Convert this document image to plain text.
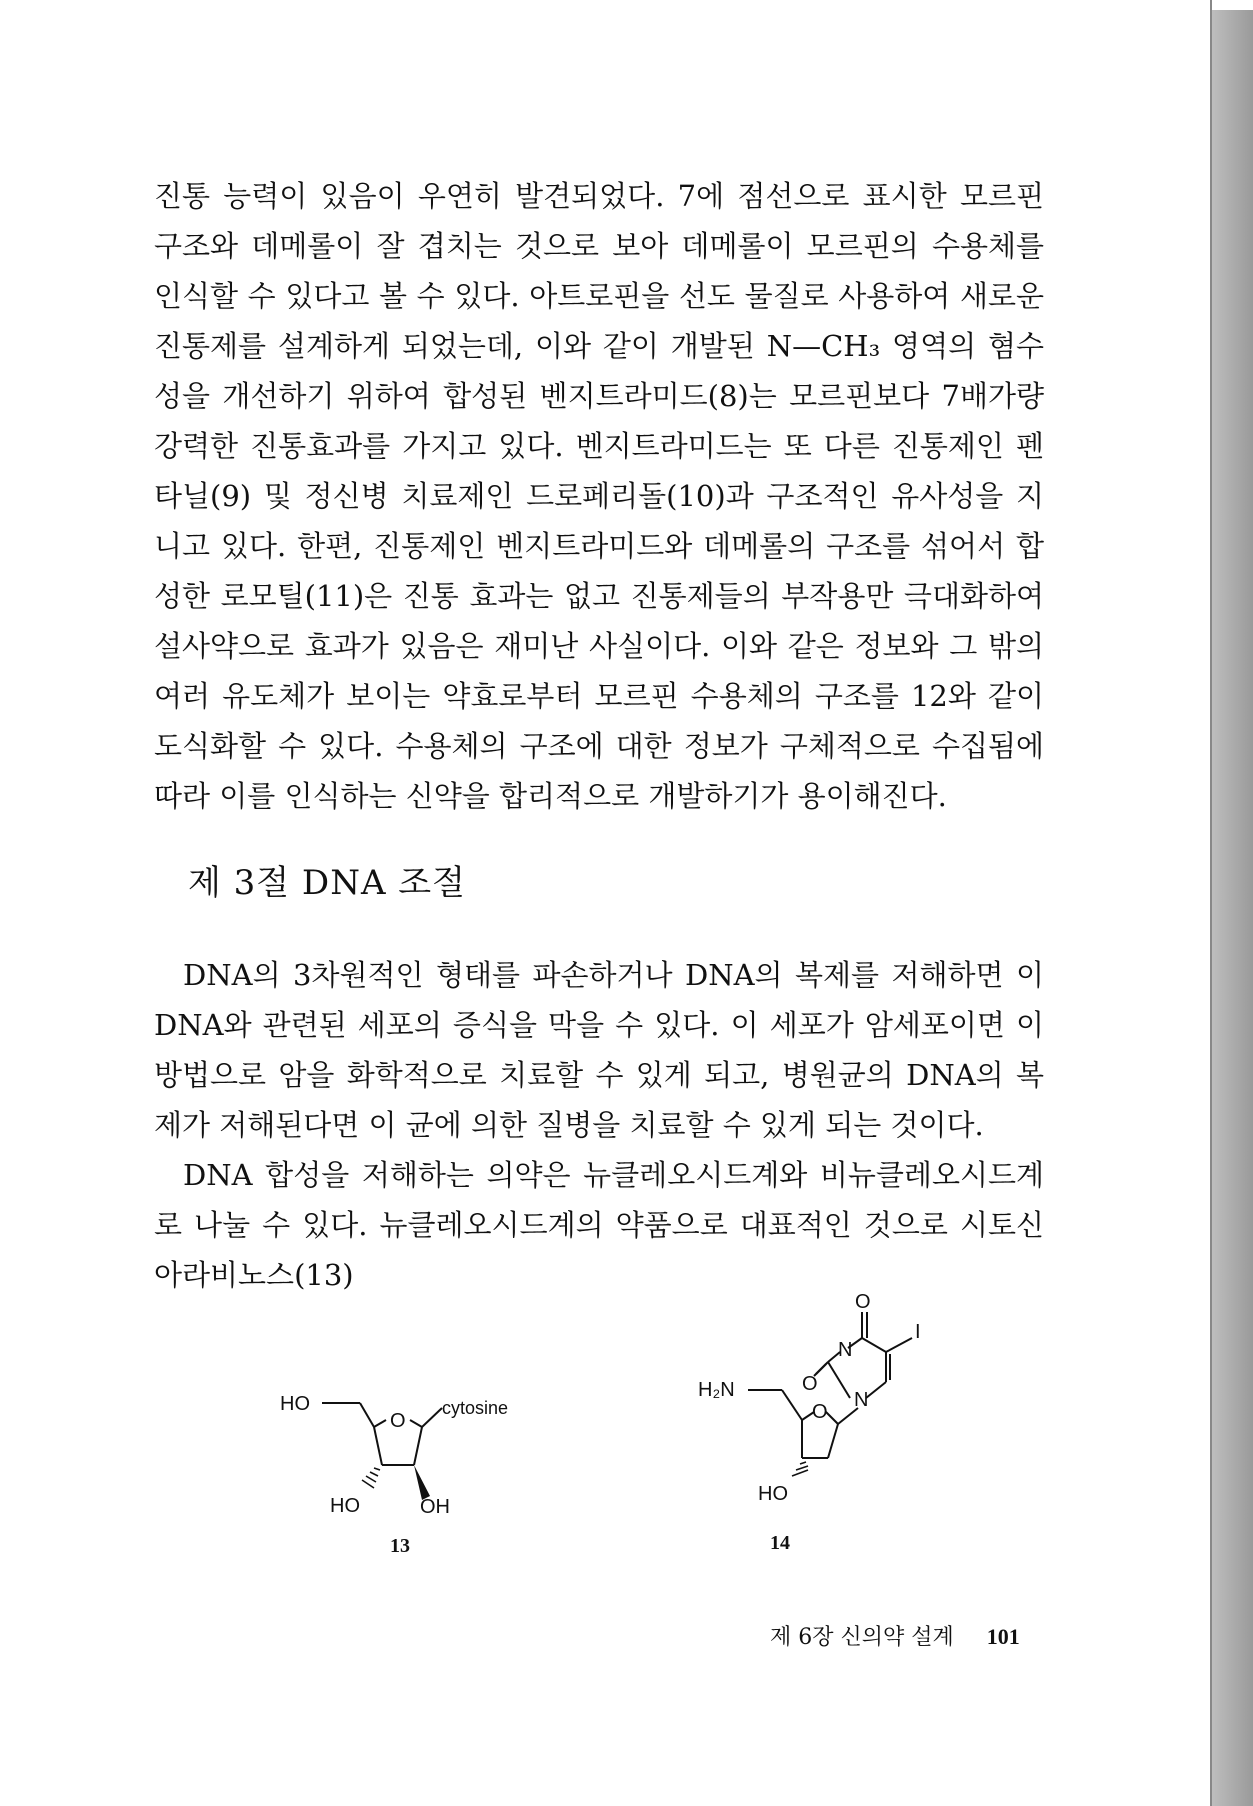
진통 능력이 있음이 우연히 발견되었다. 7에 점선으로 표시한 모르핀 구조와 데메롤이 잘 겹치는 것으로 보아 데메롤이 모르핀의 수용체를 인식할 수 있다고 볼 수 있다. 아트로핀을 선도 물질로 사용하여 새로운 진통제를 설계하게 되었는데, 이와 같이 개발된 N—CH₃ 영역의 혐수성을 개선하기 위하여 합성된 벤지트라미드(8)는 모르핀보다 7배가량 강력한 진통효과를 가지고 있다. 벤지트라미드는 또 다른 진통제인 펜타닐(9) 및 정신병 치료제인 드로페리돌(10)과 구조적인 유사성을 지니고 있다. 한편, 진통제인 벤지트라미드와 데메롤의 구조를 섞어서 합성한 로모틸(11)은 진통 효과는 없고 진통제들의 부작용만 극대화하여 설사약으로 효과가 있음은 재미난 사실이다. 이와 같은 정보와 그 밖의 여러 유도체가 보이는 약효로부터 모르핀 수용체의 구조를 12와 같이 도식화할 수 있다. 수용체의 구조에 대한 정보가 구체적으로 수집됨에 따라 이를 인식하는 신약을 합리적으로 개발하기가 용이해진다.

제 3절 DNA 조절

DNA의 3차원적인 형태를 파손하거나 DNA의 복제를 저해하면 이 DNA와 관련된 세포의 증식을 막을 수 있다. 이 세포가 암세포이면 이 방법으로 암을 화학적으로 치료할 수 있게 되고, 병원균의 DNA의 복제가 저해된다면 이 균에 의한 질병을 치료할 수 있게 되는 것이다.

DNA 합성을 저해하는 의약은 뉴클레오시드계와 비뉴클레오시드계로 나눌 수 있다. 뉴클레오시드계의 약품으로 대표적인 것으로 시토신 아라비노스(13)

HO
O
cytosine
HO	OH
13
O
N
I
O
N
H₂N
O
HO
14
제 6장 신의약 설계 101
